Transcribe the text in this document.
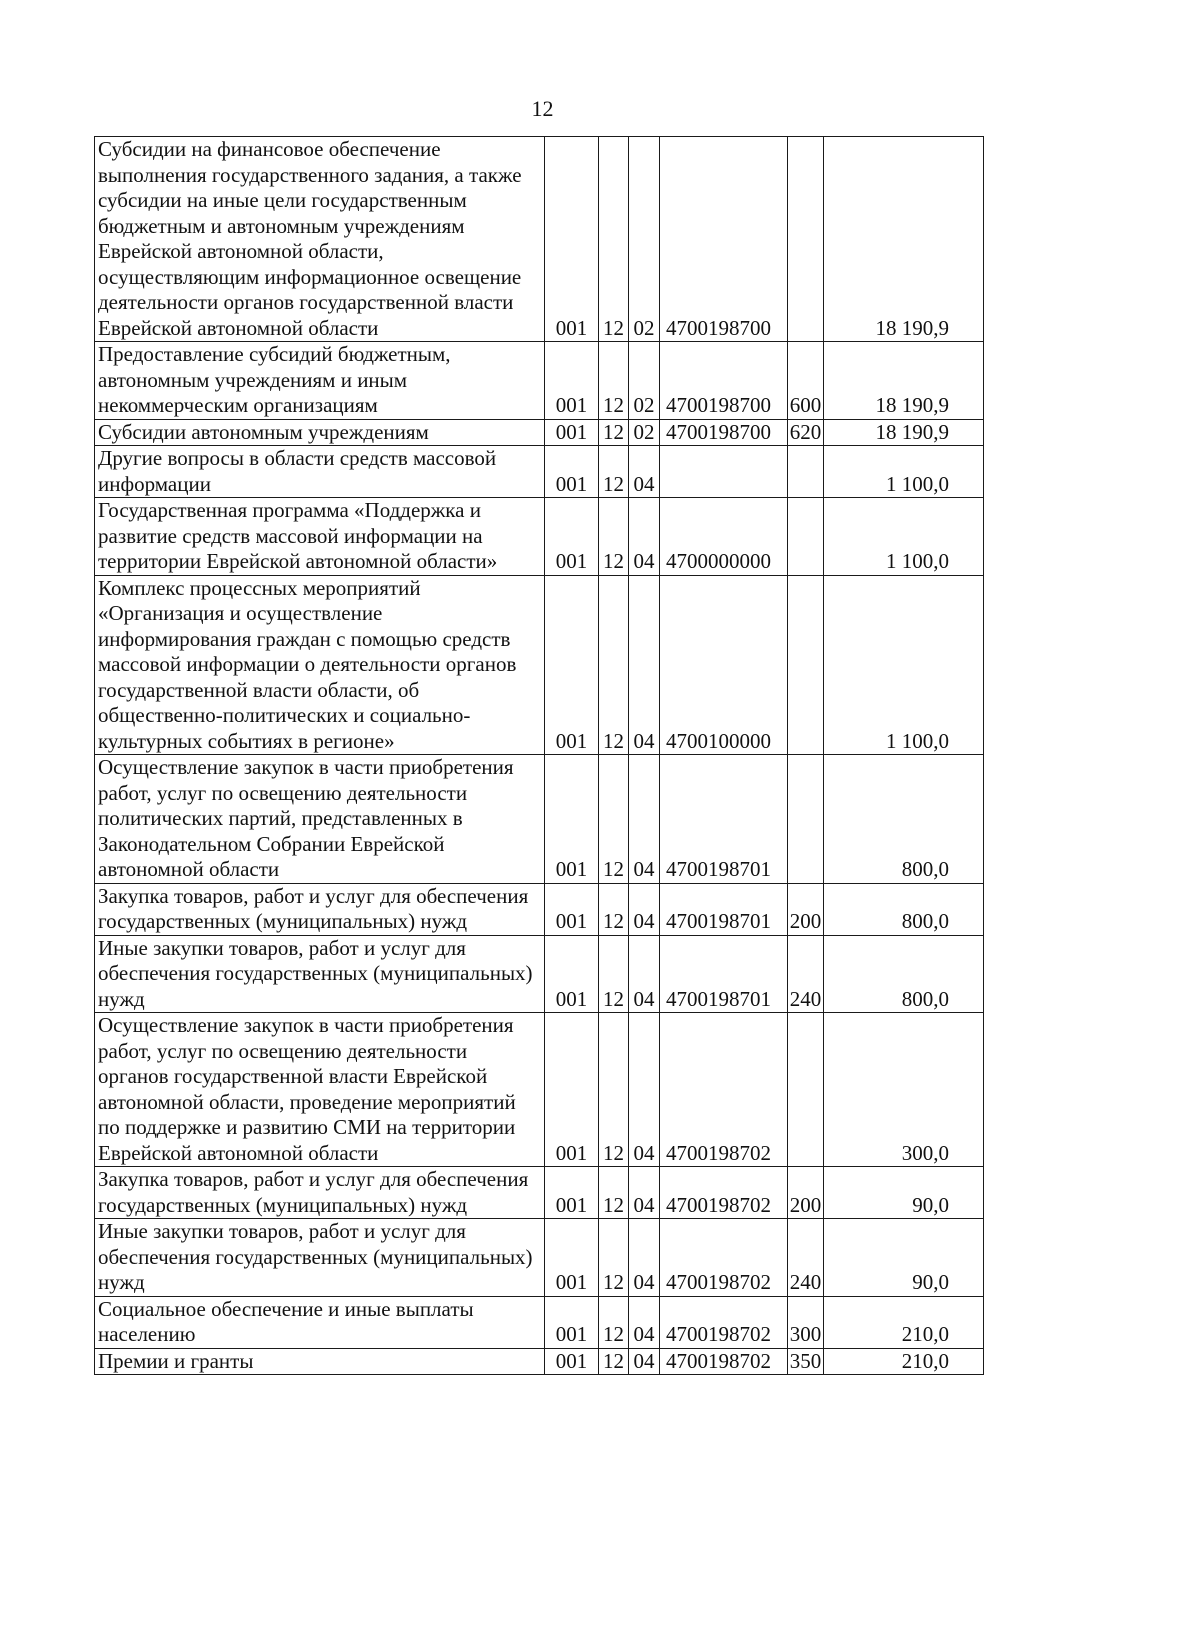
12
Субсидии на финансовое обеспечение выполнения государственного задания, а также субсидии на иные цели государственным бюджетным и автономным учреждениям Еврейской автономной области, осуществляющим информационное освещение деятельности органов государственной власти Еврейской автономной области	001	12	02	4700198700		18 190,9
Предоставление субсидий бюджетным, автономным учреждениям и иным некоммерческим организациям	001	12	02	4700198700	600	18 190,9
Субсидии автономным учреждениям	001	12	02	4700198700	620	18 190,9
Другие вопросы в области средств массовой информации	001	12	04			1 100,0
Государственная программа «Поддержка и развитие средств массовой информации на территории Еврейской автономной области»	001	12	04	4700000000		1 100,0
Комплекс процессных мероприятий «Организация и осуществление информирования граждан с помощью средств массовой информации о деятельности органов государственной власти области, об общественно-политических и социально-культурных событиях в регионе»	001	12	04	4700100000		1 100,0
Осуществление закупок в части приобретения работ, услуг по освещению деятельности политических партий, представленных в Законодательном Собрании Еврейской автономной области	001	12	04	4700198701		800,0
Закупка товаров, работ и услуг для обеспечения государственных (муниципальных) нужд	001	12	04	4700198701	200	800,0
Иные закупки товаров, работ и услуг для обеспечения государственных (муниципальных) нужд	001	12	04	4700198701	240	800,0
Осуществление закупок в части приобретения работ, услуг по освещению деятельности органов государственной власти Еврейской автономной области, проведение мероприятий по поддержке и развитию СМИ на территории Еврейской автономной области	001	12	04	4700198702		300,0
Закупка товаров, работ и услуг для обеспечения государственных (муниципальных) нужд	001	12	04	4700198702	200	90,0
Иные закупки товаров, работ и услуг для обеспечения государственных (муниципальных) нужд	001	12	04	4700198702	240	90,0
Социальное обеспечение и иные выплаты населению	001	12	04	4700198702	300	210,0
Премии и гранты	001	12	04	4700198702	350	210,0
